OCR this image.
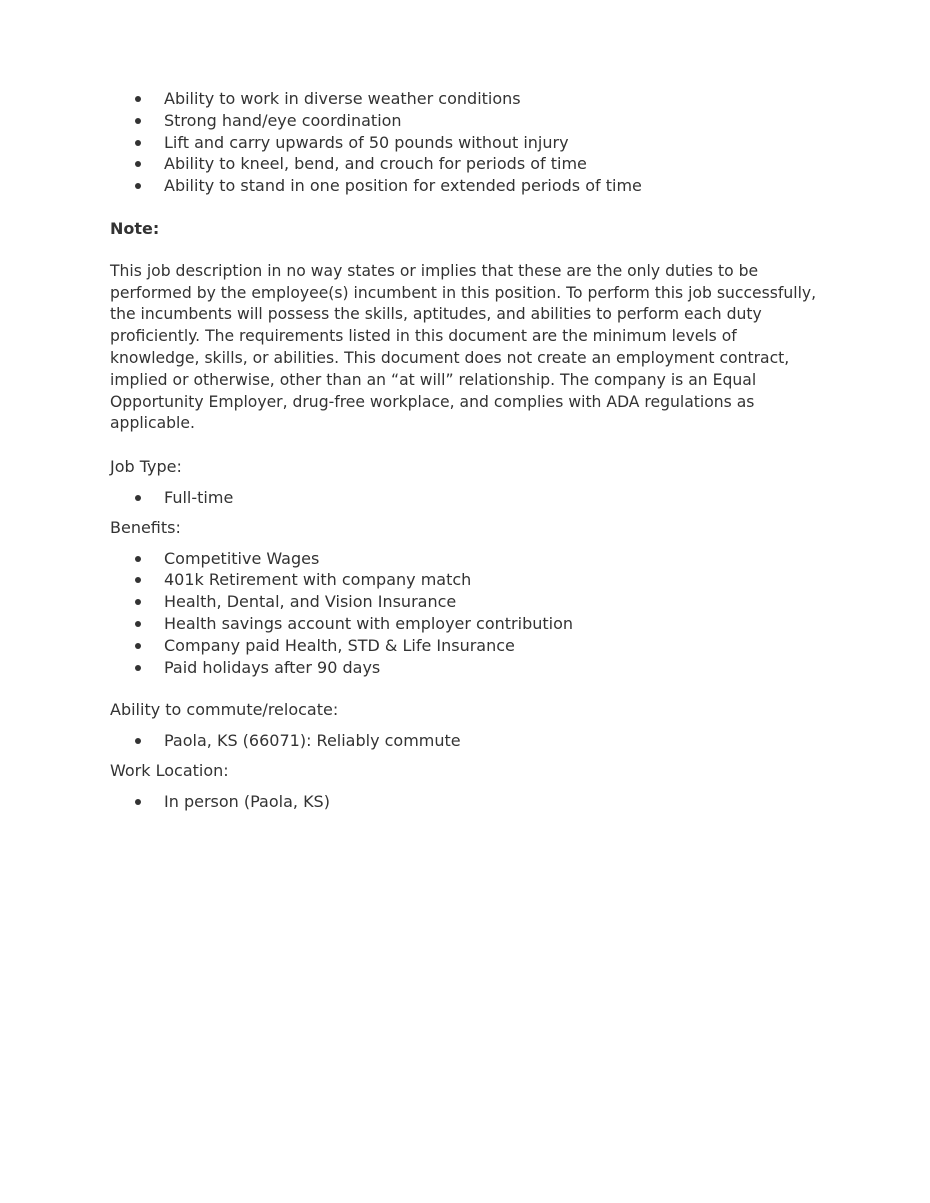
Ability to work in diverse weather conditions
Strong hand/eye coordination
Lift and carry upwards of 50 pounds without injury
Ability to kneel, bend, and crouch for periods of time
Ability to stand in one position for extended periods of time
Note:
This job description in no way states or implies that these are the only duties to be performed by the employee(s) incumbent in this position. To perform this job successfully, the incumbents will possess the skills, aptitudes, and abilities to perform each duty proficiently. The requirements listed in this document are the minimum levels of knowledge, skills, or abilities. This document does not create an employment contract, implied or otherwise, other than an “at will” relationship. The company is an Equal Opportunity Employer, drug-free workplace, and complies with ADA regulations as applicable.
Job Type:
Full-time
Benefits:
Competitive Wages
401k Retirement with company match
Health, Dental, and Vision Insurance
Health savings account with employer contribution
Company paid Health, STD & Life Insurance
Paid holidays after 90 days
Ability to commute/relocate:
Paola, KS (66071): Reliably commute
Work Location:
In person (Paola, KS)
